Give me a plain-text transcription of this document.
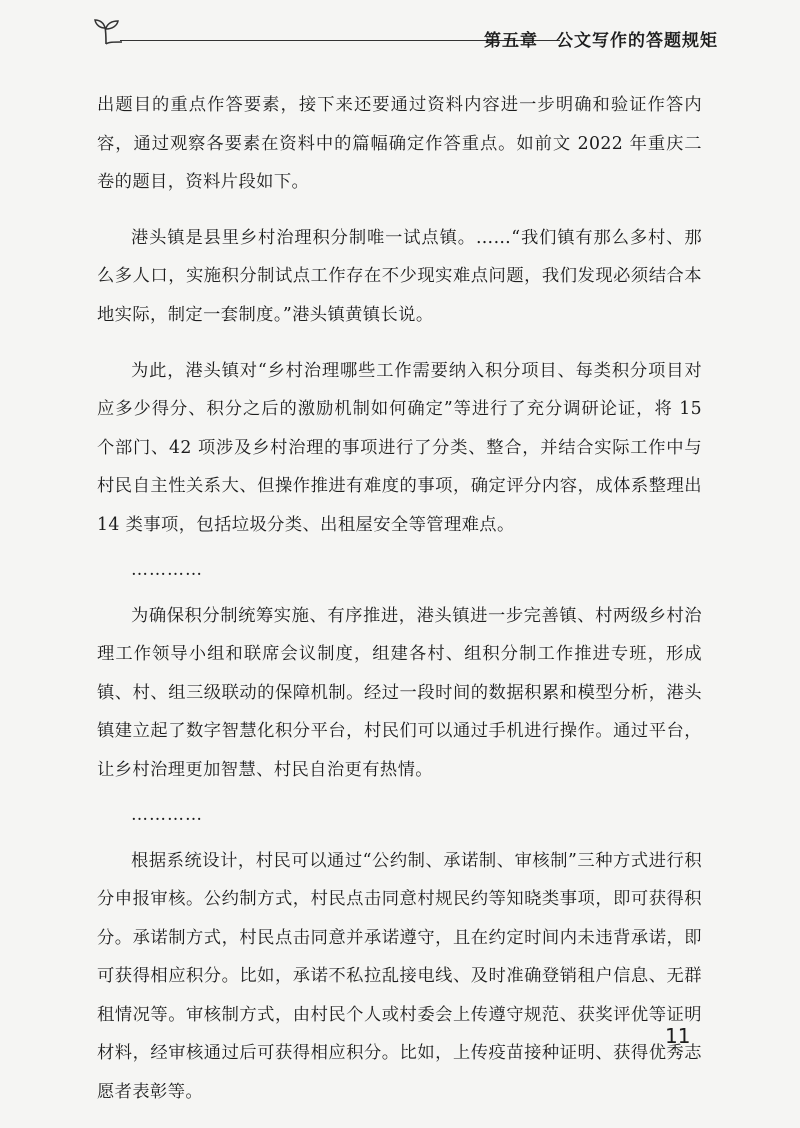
第五章 公文写作的答题规矩

出题目的重点作答要素，接下来还要通过资料内容进一步明确和验证作答内容，通过观察各要素在资料中的篇幅确定作答重点。如前文 2022 年重庆二卷的题目，资料片段如下。

港头镇是县里乡村治理积分制唯一试点镇。……“我们镇有那么多村、那么多人口，实施积分制试点工作存在不少现实难点问题，我们发现必须结合本地实际，制定一套制度。”港头镇黄镇长说。

为此，港头镇对“乡村治理哪些工作需要纳入积分项目、每类积分项目对应多少得分、积分之后的激励机制如何确定”等进行了充分调研论证，将 15 个部门、42 项涉及乡村治理的事项进行了分类、整合，并结合实际工作中与村民自主性关系大、但操作推进有难度的事项，确定评分内容，成体系整理出 14 类事项，包括垃圾分类、出租屋安全等管理难点。

…………

为确保积分制统筹实施、有序推进，港头镇进一步完善镇、村两级乡村治理工作领导小组和联席会议制度，组建各村、组积分制工作推进专班，形成镇、村、组三级联动的保障机制。经过一段时间的数据积累和模型分析，港头镇建立起了数字智慧化积分平台，村民们可以通过手机进行操作。通过平台，让乡村治理更加智慧、村民自治更有热情。

…………

根据系统设计，村民可以通过“公约制、承诺制、审核制”三种方式进行积分申报审核。公约制方式，村民点击同意村规民约等知晓类事项，即可获得积分。承诺制方式，村民点击同意并承诺遵守，且在约定时间内未违背承诺，即可获得相应积分。比如，承诺不私拉乱接电线、及时准确登销租户信息、无群租情况等。审核制方式，由村民个人或村委会上传遵守规范、获奖评优等证明材料，经审核通过后可获得相应积分。比如，上传疫苗接种证明、获得优秀志愿者表彰等。

11
